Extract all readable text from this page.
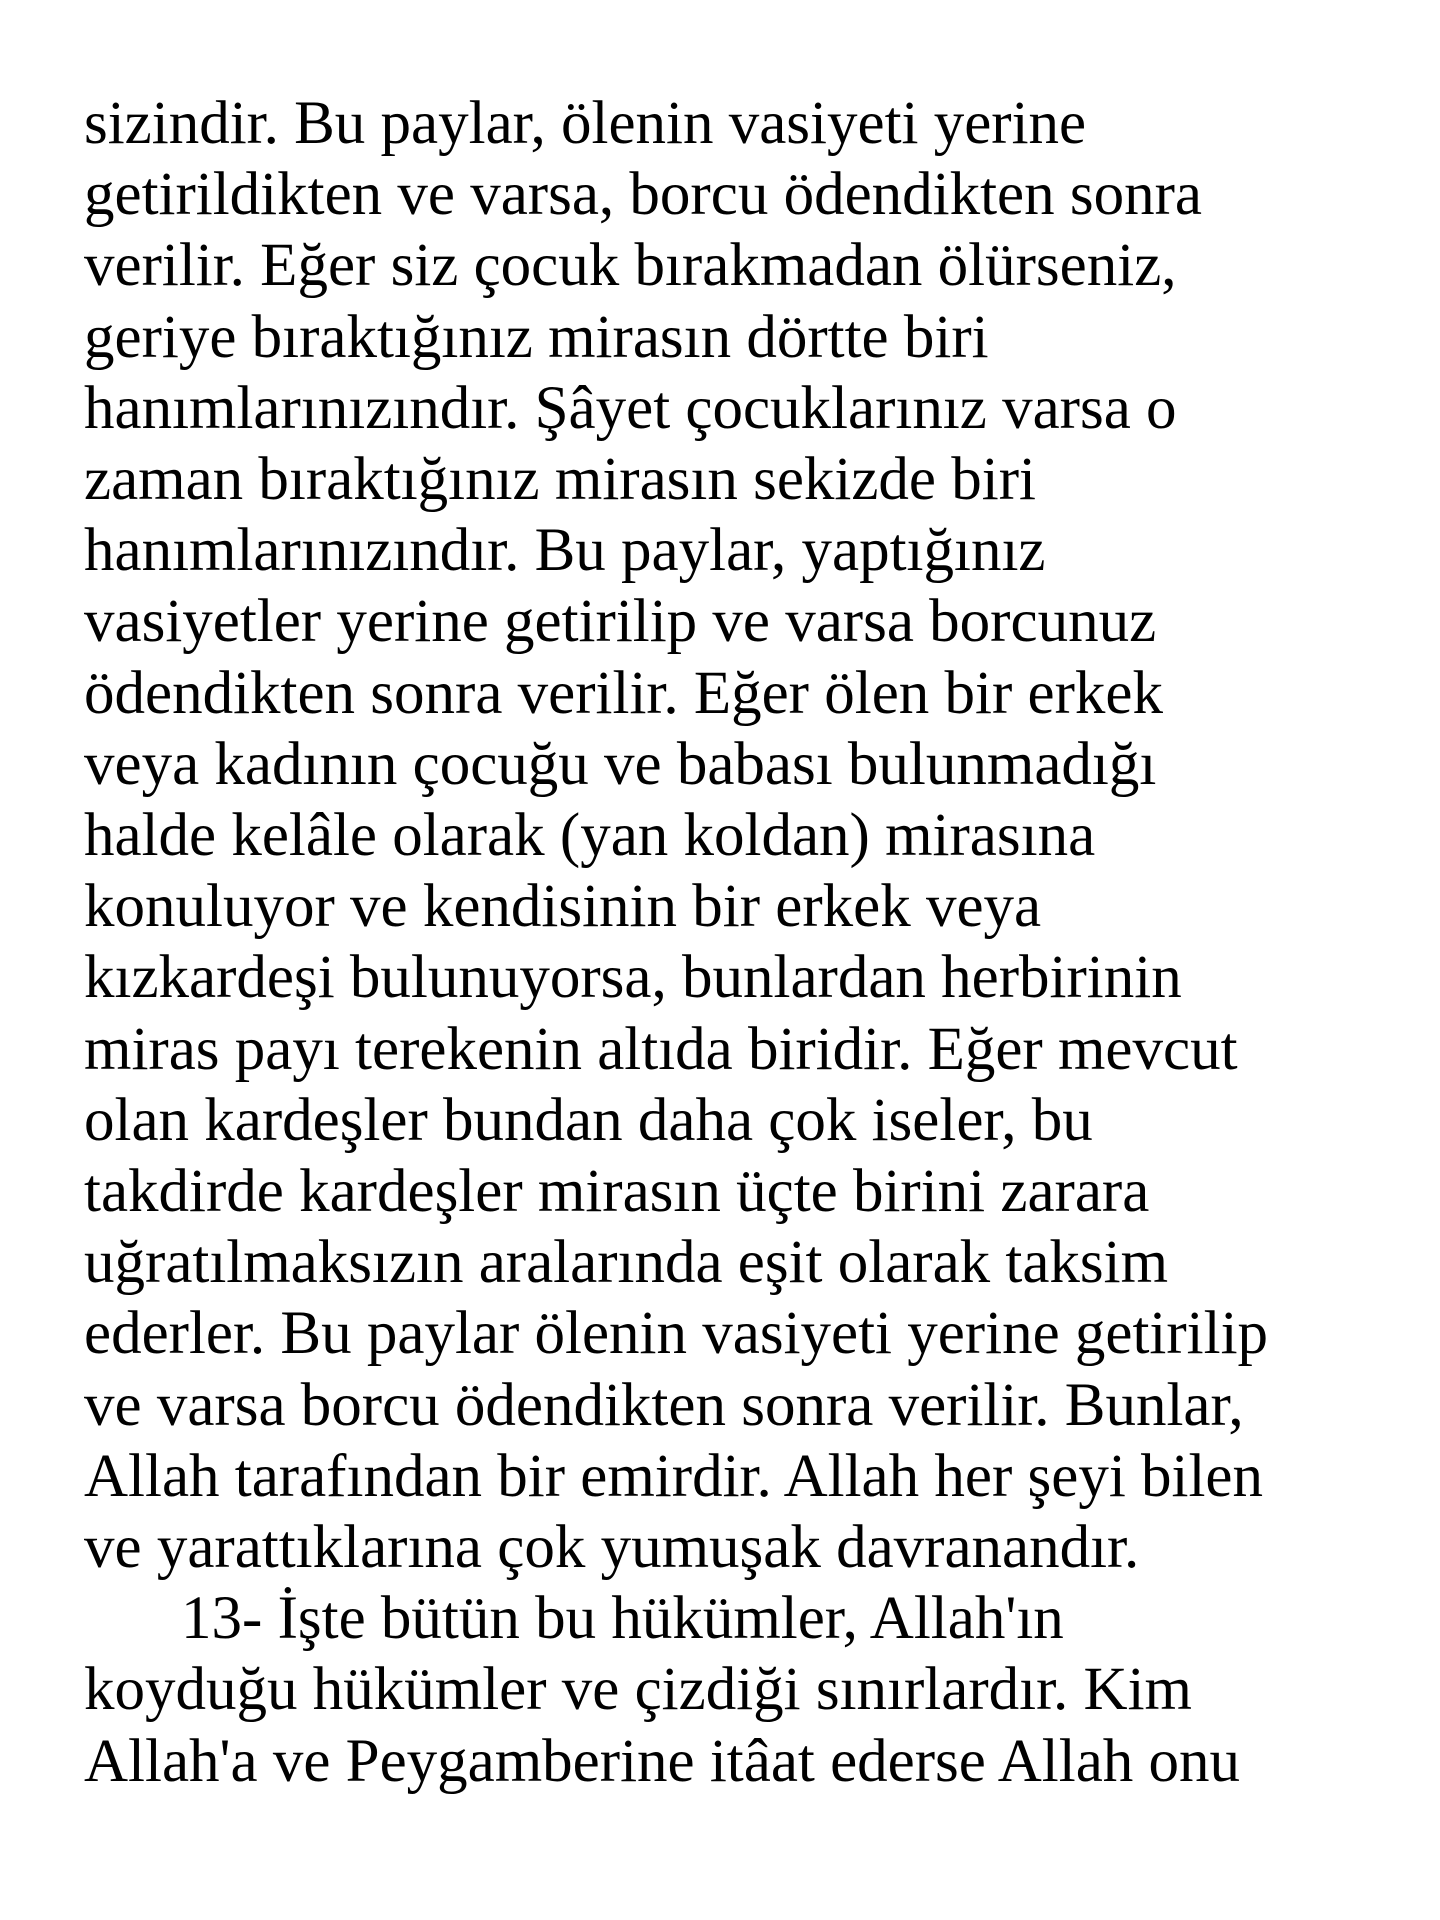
sizindir. Bu paylar, ölenin vasiyeti yerine
getirildikten ve varsa, borcu ödendikten sonra
verilir. Eğer siz çocuk bırakmadan ölürseniz,
geriye bıraktığınız mirasın dörtte biri
hanımlarınızındır. Şâyet çocuklarınız varsa o
zaman bıraktığınız mirasın sekizde biri
hanımlarınızındır. Bu paylar, yaptığınız
vasiyetler yerine getirilip ve varsa borcunuz
ödendikten sonra verilir. Eğer ölen bir erkek
veya kadının çocuğu ve babası bulunmadığı
halde kelâle olarak (yan koldan) mirasına
konuluyor ve kendisinin bir erkek veya
kızkardeşi bulunuyorsa, bunlardan herbirinin
miras payı terekenin altıda biridir. Eğer mevcut
olan kardeşler bundan daha çok iseler, bu
takdirde kardeşler mirasın üçte birini zarara
uğratılmaksızın aralarında eşit olarak taksim
ederler. Bu paylar ölenin vasiyeti yerine getirilip
ve varsa borcu ödendikten sonra verilir. Bunlar,
Allah tarafından bir emirdir. Allah her şeyi bilen
ve yarattıklarına çok yumuşak davranandır.
13- İşte bütün bu hükümler, Allah'ın
koyduğu hükümler ve çizdiği sınırlardır. Kim
Allah'a ve Peygamberine itâat ederse Allah onu
